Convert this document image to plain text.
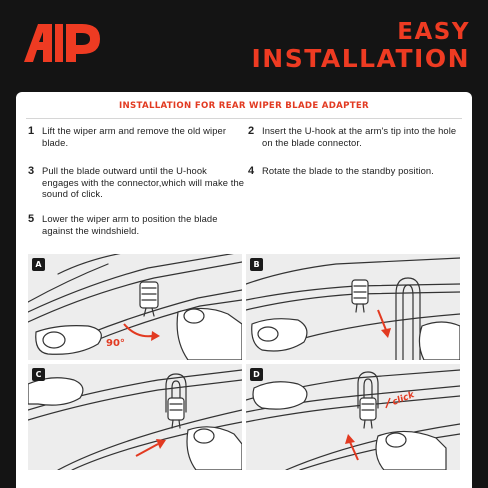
EASY
INSTALLATION
INSTALLATION FOR REAR WIPER BLADE ADAPTER
1 Lift the wiper arm and remove the old wiper blade.
2 Insert the U-hook at the arm's tip into the hole on the blade connector.
3 Pull the blade outward until the U-hook engages with the connector,which will make the sound of click.
4 Rotate the blade to the standby position.
5 Lower the wiper arm to position the blade against the windshield.
A
90°
B
C	D
click
